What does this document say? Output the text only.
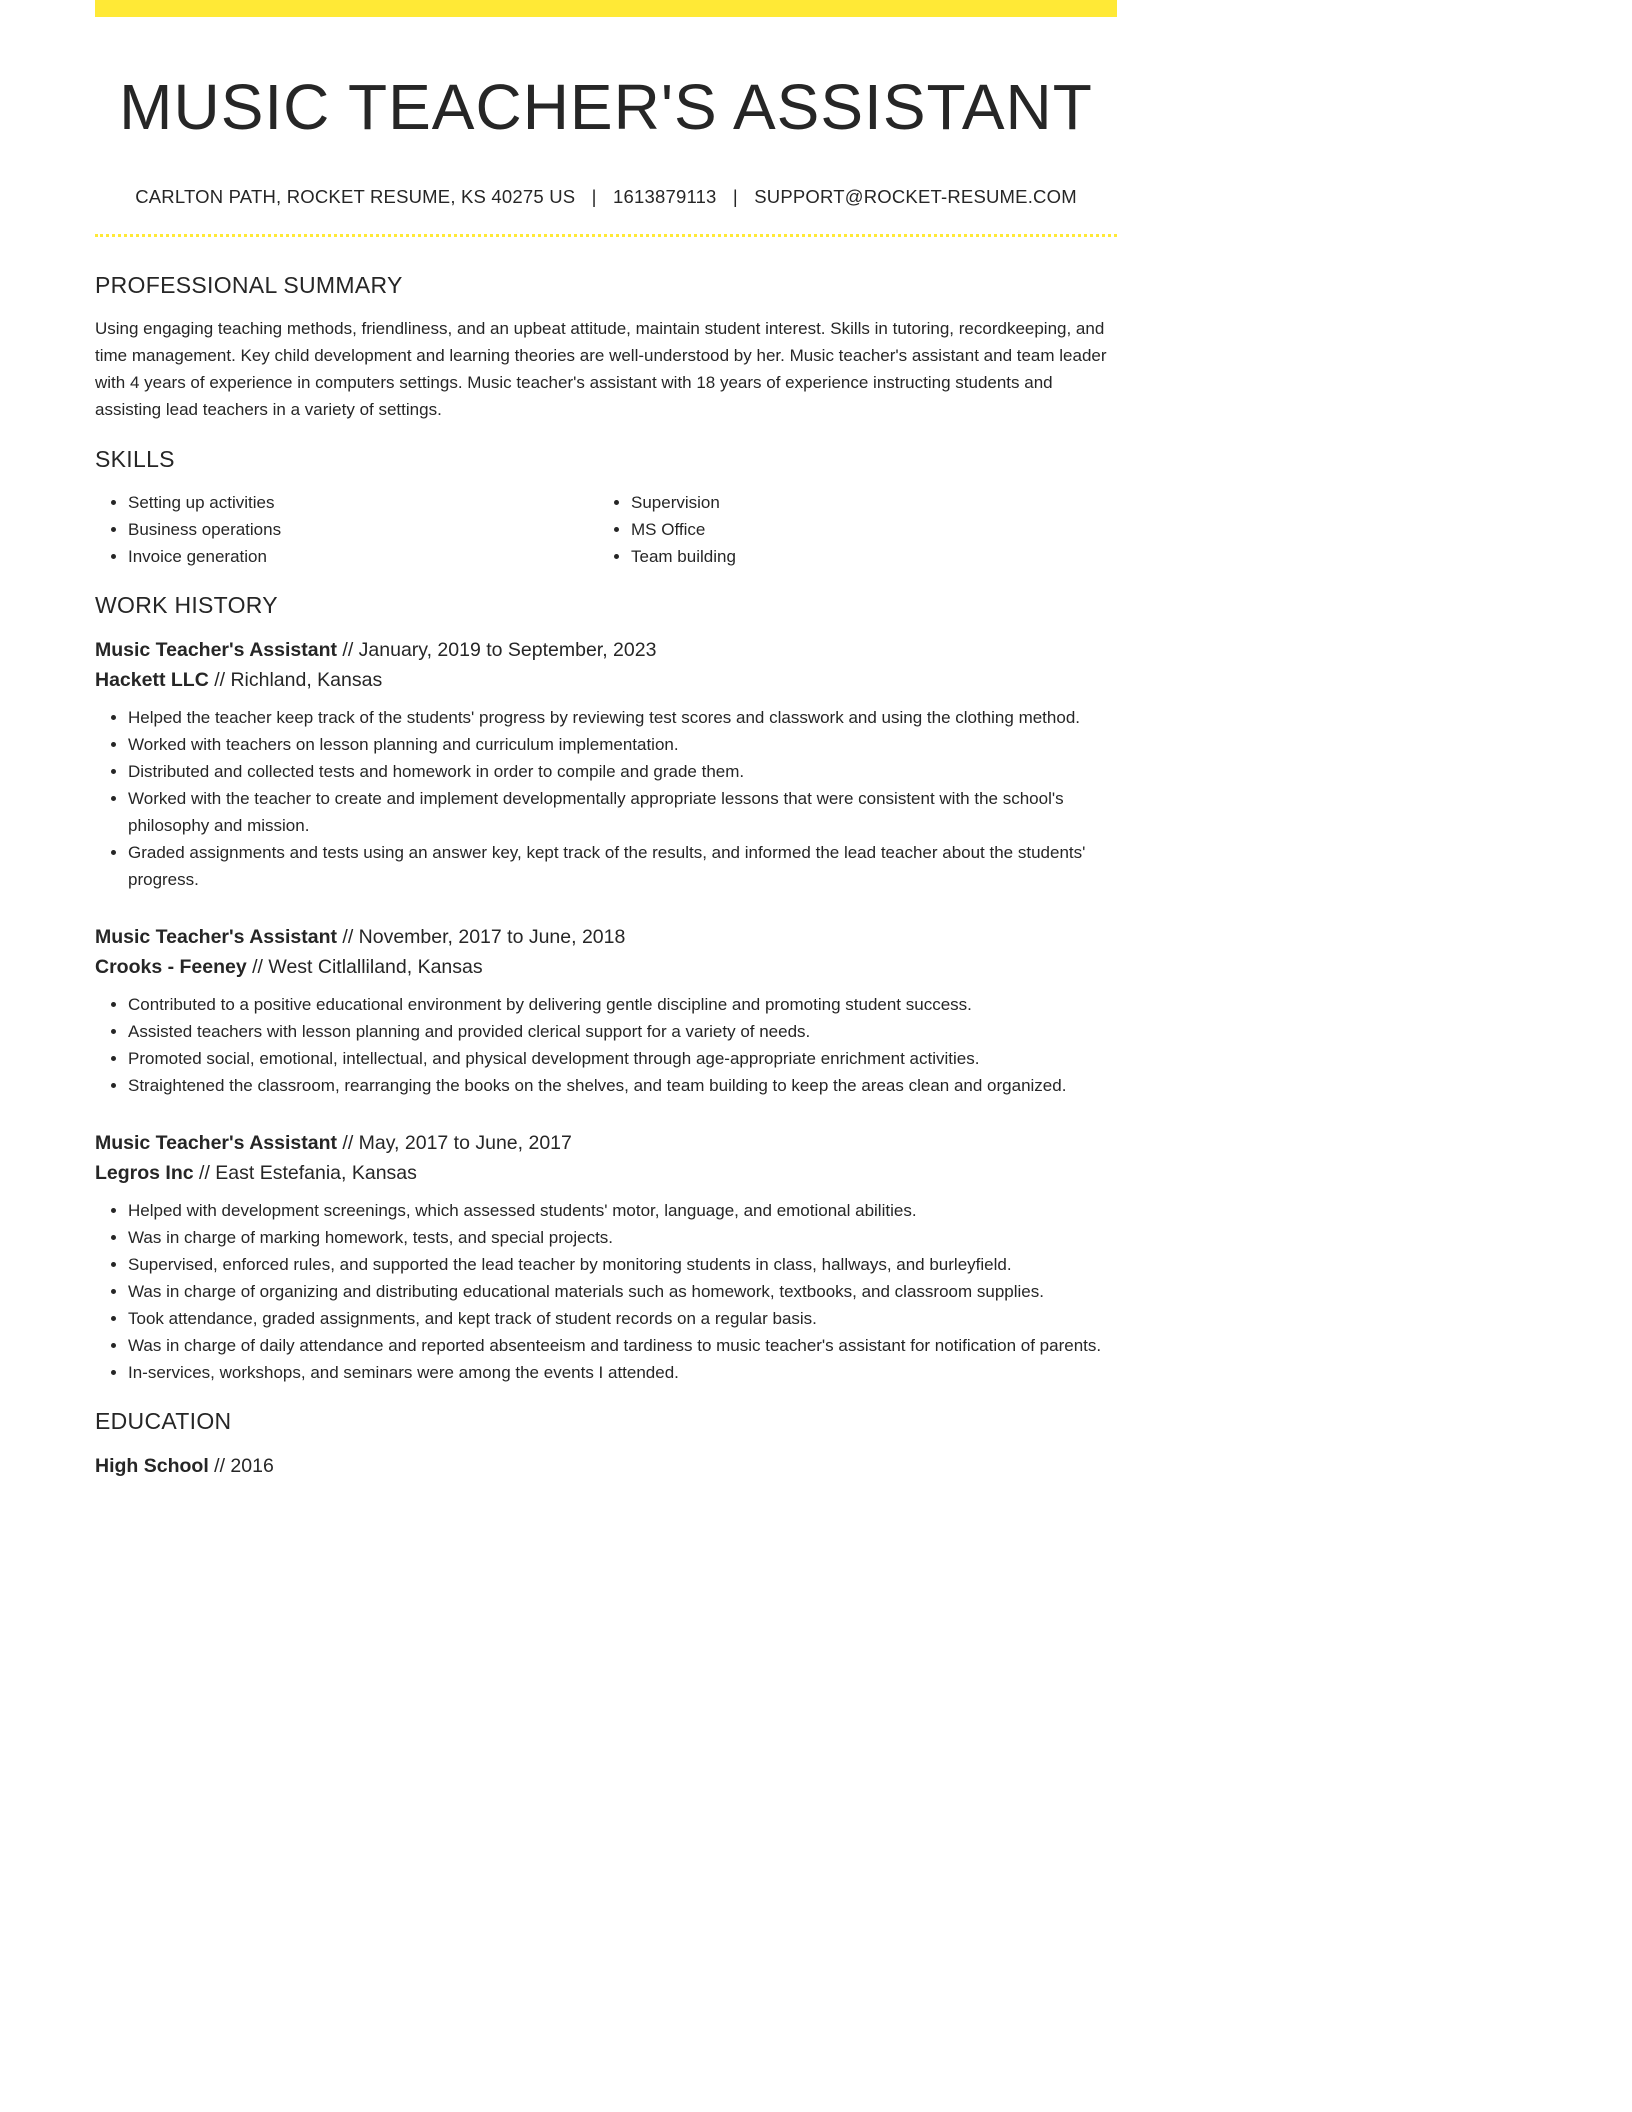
MUSIC TEACHER'S ASSISTANT
CARLTON PATH, ROCKET RESUME, KS 40275 US | 1613879113 | SUPPORT@ROCKET-RESUME.COM
PROFESSIONAL SUMMARY

Using engaging teaching methods, friendliness, and an upbeat attitude, maintain student interest. Skills in tutoring, recordkeeping, and time management. Key child development and learning theories are well-understood by her. Music teacher's assistant and team leader with 4 years of experience in computers settings. Music teacher's assistant with 18 years of experience instructing students and assisting lead teachers in a variety of settings.

SKILLS
• Setting up activities
• Business operations
• Invoice generation
• Supervision
• MS Office
• Team building
WORK HISTORY
Music Teacher's Assistant // January, 2019 to September, 2023
Hackett LLC // Richland, Kansas
• Helped the teacher keep track of the students' progress by reviewing test scores and classwork and using the clothing method.
• Worked with teachers on lesson planning and curriculum implementation.
• Distributed and collected tests and homework in order to compile and grade them.
• Worked with the teacher to create and implement developmentally appropriate lessons that were consistent with the school's philosophy and mission.
• Graded assignments and tests using an answer key, kept track of the results, and informed the lead teacher about the students' progress.
Music Teacher's Assistant // November, 2017 to June, 2018
Crooks - Feeney // West Citlalliland, Kansas
• Contributed to a positive educational environment by delivering gentle discipline and promoting student success.
• Assisted teachers with lesson planning and provided clerical support for a variety of needs.
• Promoted social, emotional, intellectual, and physical development through age-appropriate enrichment activities.
• Straightened the classroom, rearranging the books on the shelves, and team building to keep the areas clean and organized.
Music Teacher's Assistant // May, 2017 to June, 2017
Legros Inc // East Estefania, Kansas
• Helped with development screenings, which assessed students' motor, language, and emotional abilities.
• Was in charge of marking homework, tests, and special projects.
• Supervised, enforced rules, and supported the lead teacher by monitoring students in class, hallways, and burleyfield.
• Was in charge of organizing and distributing educational materials such as homework, textbooks, and classroom supplies.
• Took attendance, graded assignments, and kept track of student records on a regular basis.
• Was in charge of daily attendance and reported absenteeism and tardiness to music teacher's assistant for notification of parents.
• In-services, workshops, and seminars were among the events I attended.
EDUCATION
High School // 2016
